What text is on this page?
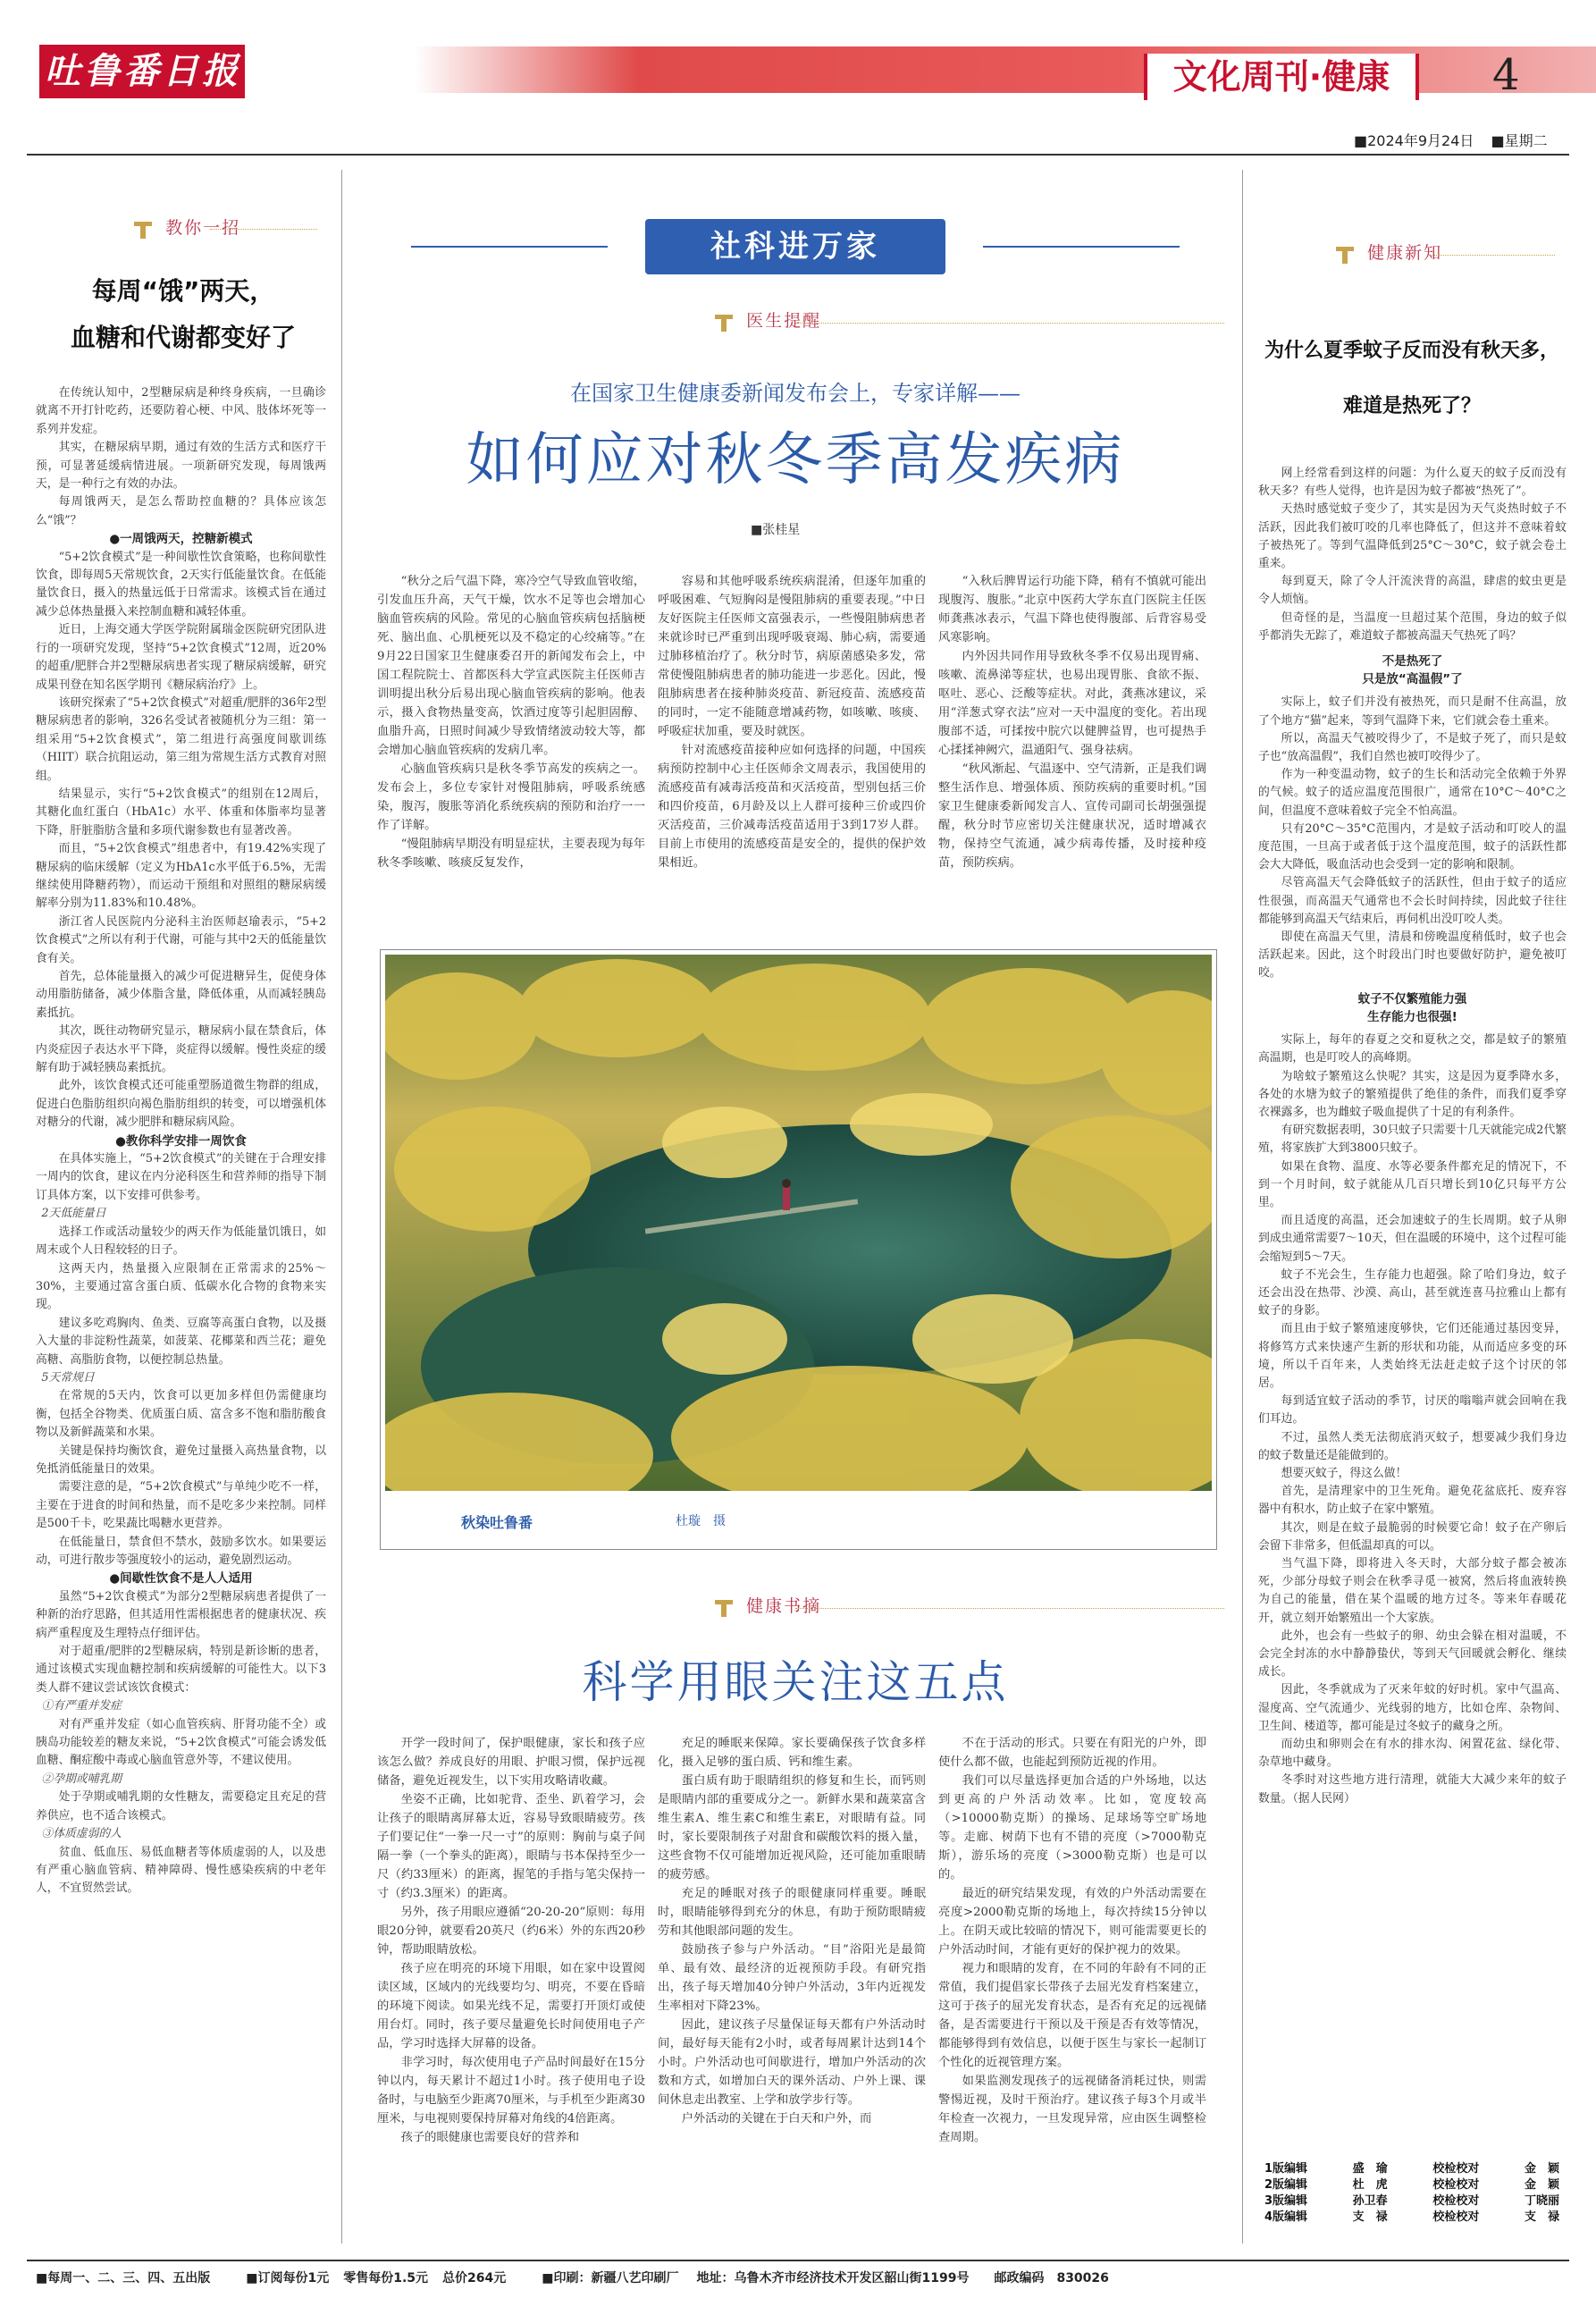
吐鲁番日报	文化周刊·健康	4
■2024年9月24日 ■星期二
教你一招
每周“饿”两天，
血糖和代谢都变好了

在传统认知中，2型糖尿病是种终身疾病，一旦确诊就离不开打针吃药，还要防着心梗、中风、肢体坏死等一系列并发症。

其实，在糖尿病早期，通过有效的生活方式和医疗干预，可显著延缓病情进展。一项新研究发现，每周饿两天，是一种行之有效的办法。

每周饿两天，是怎么帮助控血糖的？具体应该怎么“饿”？

●一周饿两天，控糖新模式

“5+2饮食模式”是一种间歇性饮食策略，也称间歇性饮食，即每周5天常规饮食，2天实行低能量饮食。在低能量饮食日，摄入的热量远低于日常需求。该模式旨在通过减少总体热量摄入来控制血糖和减轻体重。

近日，上海交通大学医学院附属瑞金医院研究团队进行的一项研究发现，坚持“5+2饮食模式”12周，近20%的超重/肥胖合并2型糖尿病患者实现了糖尿病缓解，研究成果刊登在知名医学期刊《糖尿病治疗》上。

该研究探索了“5+2饮食模式”对超重/肥胖的36年2型糖尿病患者的影响，326名受试者被随机分为三组：第一组采用“5+2饮食模式”，第二组进行高强度间歇训练（HIIT）联合抗阻运动，第三组为常规生活方式教育对照组。

结果显示，实行“5+2饮食模式”的组别在12周后，其糖化血红蛋白（HbA1c）水平、体重和体脂率均显著下降，肝脏脂肪含量和多项代谢参数也有显著改善。

而且，“5+2饮食模式”组患者中，有19.42%实现了糖尿病的临床缓解（定义为HbA1c水平低于6.5%，无需继续使用降糖药物），而运动干预组和对照组的糖尿病缓解率分别为11.83%和10.48%。

浙江省人民医院内分泌科主治医师赵瑜表示，“5+2饮食模式”之所以有利于代谢，可能与其中2天的低能量饮食有关。

首先，总体能量摄入的减少可促进糖异生，促使身体动用脂肪储备，减少体脂含量，降低体重，从而减轻胰岛素抵抗。

其次，既往动物研究显示，糖尿病小鼠在禁食后，体内炎症因子表达水平下降，炎症得以缓解。慢性炎症的缓解有助于减轻胰岛素抵抗。

此外，该饮食模式还可能重塑肠道微生物群的组成，促进白色脂肪组织向褐色脂肪组织的转变，可以增强机体对糖分的代谢，减少肥胖和糖尿病风险。

●教你科学安排一周饮食

在具体实施上，“5+2饮食模式”的关键在于合理安排一周内的饮食，建议在内分泌科医生和营养师的指导下制订具体方案，以下安排可供参考。

2天低能量日

选择工作或活动量较少的两天作为低能量饥饿日，如周末或个人日程较轻的日子。

这两天内，热量摄入应限制在正常需求的25%～30%，主要通过富含蛋白质、低碳水化合物的食物来实现。

建议多吃鸡胸肉、鱼类、豆腐等高蛋白食物，以及摄入大量的非淀粉性蔬菜，如菠菜、花椰菜和西兰花；避免高糖、高脂肪食物，以便控制总热量。

5天常规日

在常规的5天内，饮食可以更加多样但仍需健康均衡，包括全谷物类、优质蛋白质、富含多不饱和脂肪酸食物以及新鲜蔬菜和水果。

关键是保持均衡饮食，避免过量摄入高热量食物，以免抵消低能量日的效果。

需要注意的是，“5+2饮食模式”与单纯少吃不一样，主要在于进食的时间和热量，而不是吃多少来控制。同样是500千卡，吃果蔬比喝糖水更营养。

在低能量日，禁食但不禁水，鼓励多饮水。如果要运动，可进行散步等强度较小的运动，避免剧烈运动。

●间歇性饮食不是人人适用

虽然“5+2饮食模式”为部分2型糖尿病患者提供了一种新的治疗思路，但其适用性需根据患者的健康状况、疾病严重程度及生理特点仔细评估。

对于超重/肥胖的2型糖尿病，特别是新诊断的患者，通过该模式实现血糖控制和疾病缓解的可能性大。以下3类人群不建议尝试该饮食模式：

①有严重并发症

对有严重并发症（如心血管疾病、肝肾功能不全）或胰岛功能较差的糖友来说，“5+2饮食模式”可能会诱发低血糖、酮症酸中毒或心脑血管意外等，不建议使用。

②孕期或哺乳期

处于孕期或哺乳期的女性糖友，需要稳定且充足的营养供应，也不适合该模式。

③体质虚弱的人

贫血、低血压、易低血糖者等体质虚弱的人，以及患有严重心脑血管病、精神障碍、慢性感染疾病的中老年人，不宜贸然尝试。

社科进万家
医生提醒
在国家卫生健康委新闻发布会上，专家详解——
如何应对秋冬季高发疾病
■张桂星

“秋分之后气温下降，寒冷空气导致血管收缩，引发血压升高，天气干燥，饮水不足等也会增加心脑血管疾病的风险。常见的心脑血管疾病包括脑梗死、脑出血、心肌梗死以及不稳定的心绞痛等。”在9月22日国家卫生健康委召开的新闻发布会上，中国工程院院士、首都医科大学宣武医院主任医师吉训明提出秋分后易出现心脑血管疾病的影响。他表示，摄入食物热量变高，饮酒过度等引起胆固醇、血脂升高，日照时间减少导致情绪波动较大等，都会增加心脑血管疾病的发病几率。

心脑血管疾病只是秋冬季节高发的疾病之一。发布会上，多位专家针对慢阻肺病，呼吸系统感染，腹泻，腹胀等消化系统疾病的预防和治疗一一作了详解。

“慢阻肺病早期没有明显症状，主要表现为每年秋冬季咳嗽、咳痰反复发作，

容易和其他呼吸系统疾病混淆，但逐年加重的呼吸困难、气短胸闷是慢阻肺病的重要表现。”中日友好医院主任医师文富强表示，一些慢阻肺病患者来就诊时已严重到出现呼吸衰竭、肺心病，需要通过肺移植治疗了。秋分时节，病原菌感染多发，常常使慢阻肺病患者的肺功能进一步恶化。因此，慢阻肺病患者在接种肺炎疫苗、新冠疫苗、流感疫苗的同时，一定不能随意增减药物，如咳嗽、咳痰、呼吸症状加重，要及时就医。

针对流感疫苗接种应如何选择的问题，中国疾病预防控制中心主任医师余文周表示，我国使用的流感疫苗有减毒活疫苗和灭活疫苗，型别包括三价和四价疫苗，6月龄及以上人群可接种三价或四价灭活疫苗，三价减毒活疫苗适用于3到17岁人群。目前上市使用的流感疫苗是安全的，提供的保护效果相近。

“入秋后脾胃运行功能下降，稍有不慎就可能出现腹泻、腹胀。”北京中医药大学东直门医院主任医师龚燕冰表示，气温下降也使得腹部、后背容易受风寒影响。

内外因共同作用导致秋冬季不仅易出现胃痛、咳嗽、流鼻涕等症状，也易出现胃胀、食欲不振、呕吐、恶心、泛酸等症状。对此，龚燕冰建议，采用“洋葱式穿衣法”应对一天中温度的变化。若出现腹部不适，可揉按中脘穴以健脾益胃，也可提热手心揉揉神阙穴，温通阳气、强身祛病。

“秋风渐起、气温逐中、空气清新，正是我们调整生活作息、增强体质、预防疾病的重要时机。”国家卫生健康委新闻发言人、宣传司副司长胡强强提醒，秋分时节应密切关注健康状况，适时增减衣物，保持空气流通，减少病毒传播，及时接种疫苗，预防疾病。

秋染吐鲁番	杜璇　摄
健康书摘
科学用眼关注这五点

开学一段时间了，保护眼健康，家长和孩子应该怎么做？养成良好的用眼、护眼习惯，保护远视储备，避免近视发生，以下实用攻略请收藏。

坐姿不正确，比如驼背、歪坐、趴着学习，会让孩子的眼睛离屏幕太近，容易导致眼睛疲劳。孩子们要记住“一拳一尺一寸”的原则：胸前与桌子间隔一拳（一个拳头的距离），眼睛与书本保持至少一尺（约33厘米）的距离，握笔的手指与笔尖保持一寸（约3.3厘米）的距离。

另外，孩子用眼应遵循“20-20-20”原则：每用眼20分钟，就要看20英尺（约6米）外的东西20秒钟，帮助眼睛放松。

孩子应在明亮的环境下用眼，如在家中设置阅读区域，区域内的光线要均匀、明亮，不要在昏暗的环境下阅读。如果光线不足，需要打开顶灯或使用台灯。同时，孩子要尽量避免长时间使用电子产品，学习时选择大屏幕的设备。

非学习时，每次使用电子产品时间最好在15分钟以内，每天累计不超过1小时。孩子使用电子设备时，与电脑至少距离70厘米，与手机至少距离30厘米，与电视则要保持屏幕对角线的4倍距离。

孩子的眼健康也需要良好的营养和

充足的睡眠来保障。家长要确保孩子饮食多样化，摄入足够的蛋白质、钙和维生素。

蛋白质有助于眼睛组织的修复和生长，而钙则是眼睛内部的重要成分之一。新鲜水果和蔬菜富含维生素A、维生素C和维生素E，对眼睛有益。同时，家长要限制孩子对甜食和碳酸饮料的摄入量，这些食物不仅可能增加近视风险，还可能加重眼睛的疲劳感。

充足的睡眠对孩子的眼健康同样重要。睡眠时，眼睛能够得到充分的休息，有助于预防眼睛疲劳和其他眼部问题的发生。

鼓励孩子参与户外活动。“目”浴阳光是最简单、最有效、最经济的近视预防手段。有研究指出，孩子每天增加40分钟户外活动，3年内近视发生率相对下降23%。

因此，建议孩子尽量保证每天都有户外活动时间，最好每天能有2小时，或者每周累计达到14个小时。户外活动也可间歇进行，增加户外活动的次数和方式，如增加白天的课外活动、户外上课、课间休息走出教室、上学和放学步行等。

户外活动的关键在于白天和户外，而

不在于活动的形式。只要在有阳光的户外，即使什么都不做，也能起到预防近视的作用。

我们可以尽量选择更加合适的户外场地，以达到更高的户外活动效率。比如，宽度较高（>10000勒克斯）的操场、足球场等空旷场地等。走廊、树荫下也有不错的亮度（>7000勒克斯），游乐场的亮度（>3000勒克斯）也是可以的。

最近的研究结果发现，有效的户外活动需要在亮度>2000勒克斯的场地上，每次持续15分钟以上。在阴天或比较暗的情况下，则可能需要更长的户外活动时间，才能有更好的保护视力的效果。

视力和眼睛的发育，在不同的年龄有不同的正常值，我们提倡家长带孩子去屈光发育档案建立，这可于孩子的屈光发育状态，是否有充足的远视储备，是否需要进行干预以及干预是否有效等情况，都能够得到有效信息，以便于医生与家长一起制订个性化的近视管理方案。

如果监测发现孩子的远视储备消耗过快，则需警惕近视，及时干预治疗。建议孩子每3个月或半年检查一次视力，一旦发现异常，应由医生调整检查周期。

健康新知
为什么夏季蚊子反而没有秋天多，
难道是热死了？

网上经常看到这样的问题：为什么夏天的蚊子反而没有秋天多？有些人觉得，也许是因为蚊子都被“热死了”。

天热时感觉蚊子变少了，其实是因为天气炎热时蚊子不活跃，因此我们被叮咬的几率也降低了，但这并不意味着蚊子被热死了。等到气温降低到25°C～30°C，蚊子就会卷土重来。

每到夏天，除了令人汗流浃背的高温，肆虐的蚊虫更是令人烦恼。

但奇怪的是，当温度一旦超过某个范围，身边的蚊子似乎都消失无踪了，难道蚊子都被高温天气热死了吗？

不是热死了

只是放“高温假”了

实际上，蚊子们并没有被热死，而只是耐不住高温，放了个地方“猫”起来，等到气温降下来，它们就会卷土重来。

所以，高温天气被咬得少了，不是蚊子死了，而只是蚊子也“放高温假”，我们自然也被叮咬得少了。

作为一种变温动物，蚊子的生长和活动完全依赖于外界的气候。蚊子的适应温度范围很广，通常在10°C～40°C之间，但温度不意味着蚊子完全不怕高温。

只有20°C～35°C范围内，才是蚊子活动和叮咬人的温度范围，一旦高于或者低于这个温度范围，蚊子的活跃性都会大大降低，吸血活动也会受到一定的影响和限制。

尽管高温天气会降低蚊子的活跃性，但由于蚊子的适应性很强，而高温天气通常也不会长时间持续，因此蚊子往往都能够到高温天气结束后，再伺机出没叮咬人类。

即使在高温天气里，清晨和傍晚温度稍低时，蚊子也会活跃起来。因此，这个时段出门时也要做好防护，避免被叮咬。

蚊子不仅繁殖能力强

生存能力也很强!

实际上，每年的春夏之交和夏秋之交，都是蚊子的繁殖高温期，也是叮咬人的高峰期。

为啥蚊子繁殖这么快呢？其实，这是因为夏季降水多，各处的水塘为蚊子的繁殖提供了绝佳的条件，而我们夏季穿衣裸露多，也为雌蚊子吸血提供了十足的有利条件。

有研究数据表明，30只蚊子只需要十几天就能完成2代繁殖，将家族扩大到3800只蚊子。

如果在食物、温度、水等必要条件都充足的情况下，不到一个月时间，蚊子就能从几百只增长到10亿只每平方公里。

而且适度的高温，还会加速蚊子的生长周期。蚊子从卵到成虫通常需要7～10天，但在温暖的环境中，这个过程可能会缩短到5～7天。

蚊子不光会生，生存能力也超强。除了哈们身边，蚊子还会出没在热带、沙漠、高山，甚至就连喜马拉雅山上都有蚊子的身影。

而且由于蚊子繁殖速度够快，它们还能通过基因变异，将修笃方式来快速产生新的形状和功能，从而适应多变的环境，所以千百年来，人类始终无法赶走蚊子这个讨厌的邻居。

每到适宜蚊子活动的季节，讨厌的嗡嗡声就会回响在我们耳边。

不过，虽然人类无法彻底消灭蚊子，想要减少我们身边的蚊子数量还是能做到的。

想要灭蚊子，得这么做！

首先，是清理家中的卫生死角。避免花盆底托、废弃容器中有积水，防止蚊子在家中繁殖。

其次，则是在蚊子最脆弱的时候要它命！蚊子在产卵后会留下非常多，但低温却真的可以。

当气温下降，即将进入冬天时，大部分蚊子都会被冻死，少部分母蚊子则会在秋季寻觅一被窝，然后将血液转换为自己的能量，借在某个温暖的地方过冬。等来年春暖花开，就立刻开始繁殖出一个大家族。

此外，也会有一些蚊子的卵、幼虫会躲在相对温暖，不会完全封冻的水中静静蛰伏，等到天气回暖就会孵化、继续成长。

因此，冬季就成为了灭来年蚊的好时机。家中气温高、湿度高、空气流通少、光线弱的地方，比如仓库、杂物间、卫生间、楼道等，都可能是过冬蚊子的藏身之所。

而幼虫和卵则会在有水的排水沟、闲置花盆、绿化带、杂草地中藏身。

冬季时对这些地方进行清理，就能大大减少来年的蚊子数量。（据人民网）

1版编辑	盛　瑜	校检校对	金　颖
2版编辑	杜　虎	校检校对	金　颖
3版编辑	孙卫春	校检校对	丁晓丽
4版编辑	支　禄	校检校对	支　禄
■每周一、二、三、四、五出版	■订阅每份1元 零售每份1.5元 总价264元	■印刷：新疆八艺印刷厂 地址：乌鲁木齐市经济技术开发区韶山街1199号 邮政编码　830026
